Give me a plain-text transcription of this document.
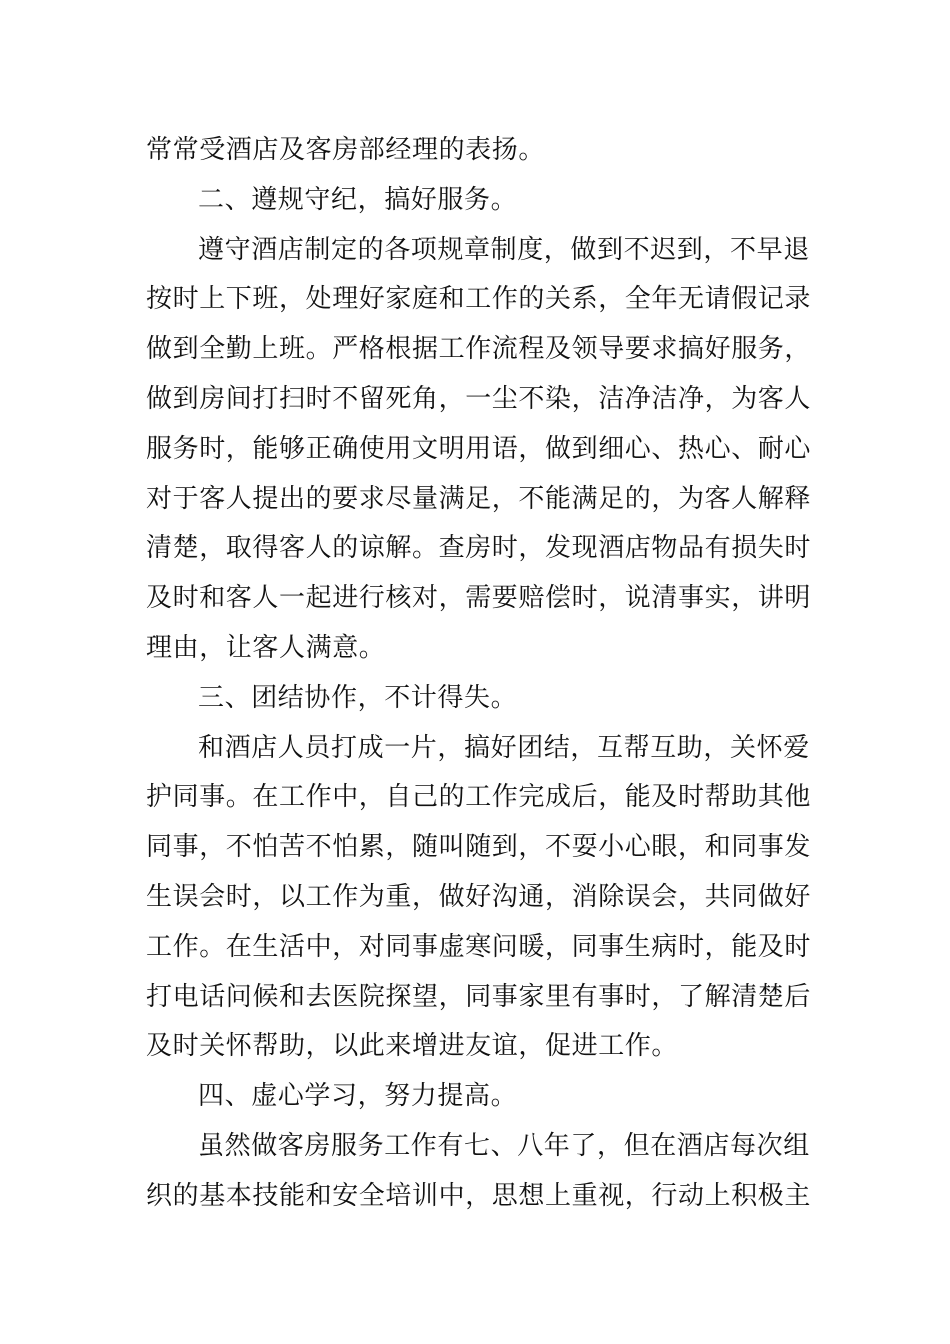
常常受酒店及客房部经理的表扬。
二、遵规守纪，搞好服务。
遵守酒店制定的各项规章制度，做到不迟到，不早退
按时上下班，处理好家庭和工作的关系，全年无请假记录
做到全勤上班。严格根据工作流程及领导要求搞好服务，
做到房间打扫时不留死角，一尘不染，洁净洁净，为客人
服务时，能够正确使用文明用语，做到细心、热心、耐心
对于客人提出的要求尽量满足，不能满足的，为客人解释
清楚，取得客人的谅解。查房时，发现酒店物品有损失时
及时和客人一起进行核对，需要赔偿时，说清事实，讲明
理由，让客人满意。
三、团结协作，不计得失。
和酒店人员打成一片，搞好团结，互帮互助，关怀爱
护同事。在工作中，自己的工作完成后，能及时帮助其他
同事，不怕苦不怕累，随叫随到，不耍小心眼，和同事发
生误会时，以工作为重，做好沟通，消除误会，共同做好
工作。在生活中，对同事虚寒问暖，同事生病时，能及时
打电话问候和去医院探望，同事家里有事时，了解清楚后
及时关怀帮助，以此来增进友谊，促进工作。
四、虚心学习，努力提高。
虽然做客房服务工作有七、八年了，但在酒店每次组
织的基本技能和安全培训中，思想上重视，行动上积极主
